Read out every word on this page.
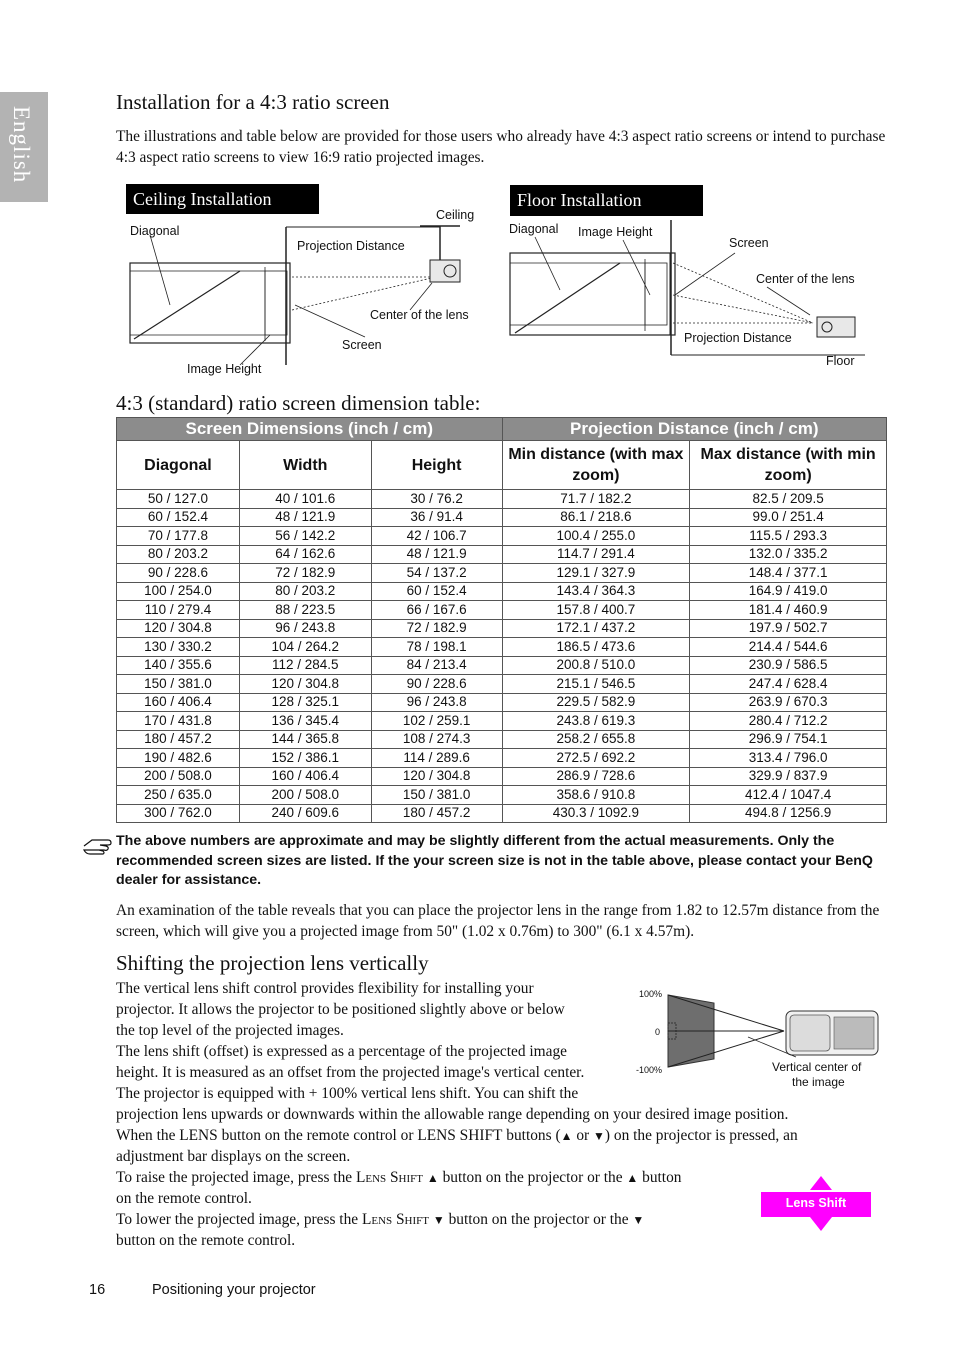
English
Installation for a 4:3 ratio screen

The illustrations and table below are provided for those users who already have 4:3 aspect ratio screens or intend to purchase 4:3 aspect ratio screens to view 16:9 ratio projected images.

Ceiling Installation
Diagonal
Projection Distance
Ceiling
Center of the lens
Screen
Image Height
Floor Installation
Diagonal Image Height
Screen
Center of the lens
Projection Distance
Floor
4:3 (standard) ratio screen dimension table:
Screen Dimensions (inch / cm)			Projection Distance (inch / cm)	
Diagonal	Width	Height	Min distance (with max zoom)	Max distance (with min zoom)
50 / 127.0	40 / 101.6	30 / 76.2	71.7 / 182.2	82.5 / 209.5
60 / 152.4	48 / 121.9	36 / 91.4	86.1 / 218.6	99.0 / 251.4
70 / 177.8	56 / 142.2	42 / 106.7	100.4 / 255.0	115.5 / 293.3
80 / 203.2	64 / 162.6	48 / 121.9	114.7 / 291.4	132.0 / 335.2
90 / 228.6	72 / 182.9	54 / 137.2	129.1 / 327.9	148.4 / 377.1
100 / 254.0	80 / 203.2	60 / 152.4	143.4 / 364.3	164.9 / 419.0
110 / 279.4	88 / 223.5	66 / 167.6	157.8 / 400.7	181.4 / 460.9
120 / 304.8	96 / 243.8	72 / 182.9	172.1 / 437.2	197.9 / 502.7
130 / 330.2	104 / 264.2	78 / 198.1	186.5 / 473.6	214.4 / 544.6
140 / 355.6	112 / 284.5	84 / 213.4	200.8 / 510.0	230.9 / 586.5
150 / 381.0	120 / 304.8	90 / 228.6	215.1 / 546.5	247.4 / 628.4
160 / 406.4	128 / 325.1	96 / 243.8	229.5 / 582.9	263.9 / 670.3
170 / 431.8	136 / 345.4	102 / 259.1	243.8 / 619.3	280.4 / 712.2
180 / 457.2	144 / 365.8	108 / 274.3	258.2 / 655.8	296.9 / 754.1
190 / 482.6	152 / 386.1	114 / 289.6	272.5 / 692.2	313.4 / 796.0
200 / 508.0	160 / 406.4	120 / 304.8	286.9 / 728.6	329.9 / 837.9
250 / 635.0	200 / 508.0	150 / 381.0	358.6 / 910.8	412.4 / 1047.4
300 / 762.0	240 / 609.6	180 / 457.2	430.3 / 1092.9	494.8 / 1256.9

The above numbers are approximate and may be slightly different from the actual measurements. Only the recommended screen sizes are listed. If the your screen size is not in the table above, please contact your BenQ dealer for assistance.

An examination of the table reveals that you can place the projector lens in the range from 1.82 to 12.57m distance from the screen, which will give you a projected image from 50" (1.02 x 0.76m) to 300" (6.1 x 4.57m).

Shifting the projection lens vertically

The vertical lens shift control provides flexibility for installing your

projector. It allows the projector to be positioned slightly above or below

the top level of the projected images.

The lens shift (offset) is expressed as a percentage of the projected image

height. It is measured as an offset from the projected image's vertical center.

The projector is equipped with + 100% vertical lens shift. You can shift the

projection lens upwards or downwards within the allowable range depending on your desired image position.

When the LENS button on the remote control or LENS SHIFT buttons (▲ or ▼) on the projector is pressed, an

adjustment bar displays on the screen.

To raise the projected image, press the Lens Shift ▲ button on the projector or the ▲ button

on the remote control.

To lower the projected image, press the Lens Shift ▼ button on the projector or the ▼

button on the remote control.

100%
0
-100%	Vertical center of
the image
Lens Shift
16	Positioning your projector
